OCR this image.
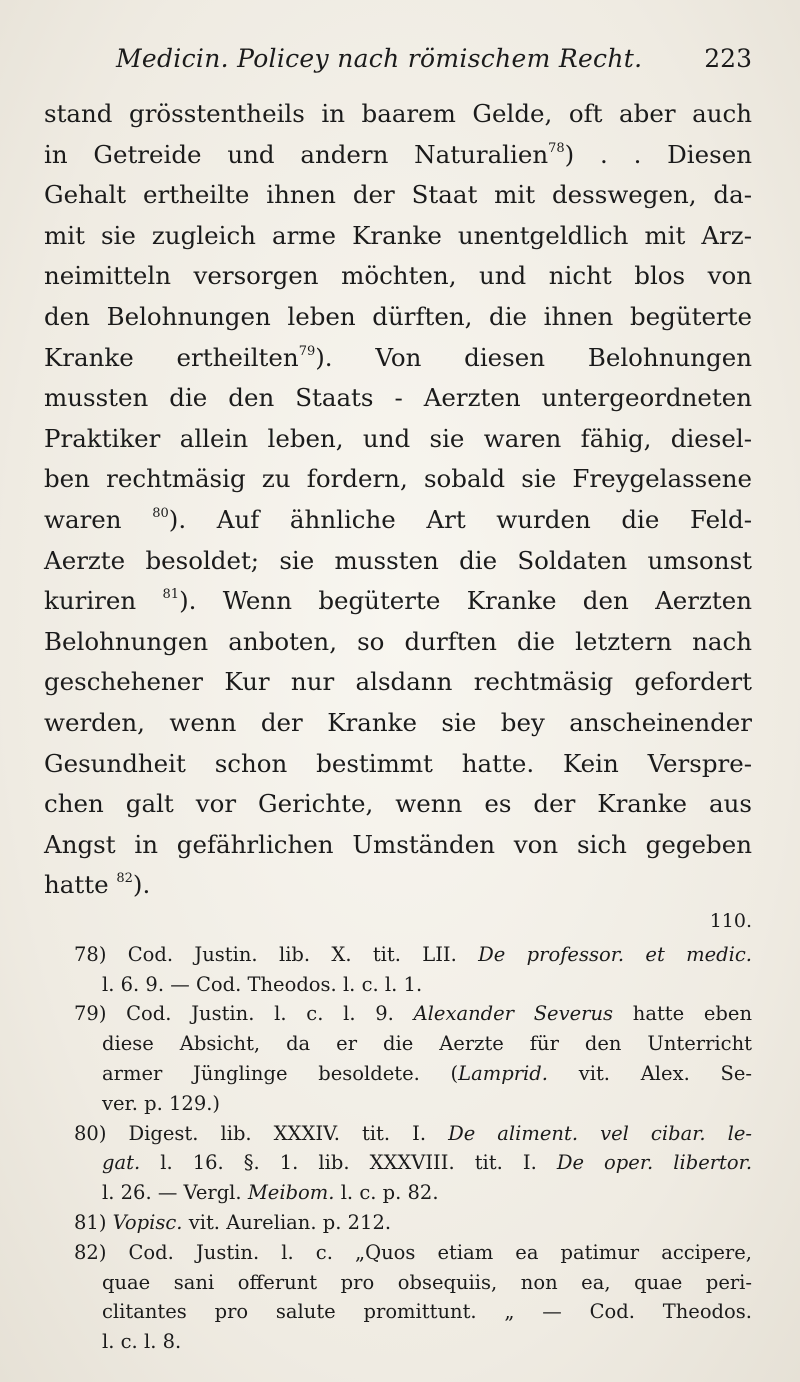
Medicin. Policey nach römischem Recht. 223
stand grösstentheils in baarem Gelde, oft aber auch
in Getreide und andern Naturalien$^{78}$) . . Diesen
Gehalt ertheilte ihnen der Staat mit desswegen, da-
mit sie zugleich arme Kranke unentgeldlich mit Arz-
neimitteln versorgen möchten, und nicht blos von
den Belohnungen leben dürften, die ihnen begüterte
Kranke ertheilten$^{79}$). Von diesen Belohnungen
mussten die den Staats - Aerzten untergeordneten
Praktiker allein leben, und sie waren fähig, diesel-
ben rechtmäsig zu fordern, sobald sie Freygelassene
waren $^{80}$). Auf ähnliche Art wurden die Feld-
Aerzte besoldet; sie mussten die Soldaten umsonst
kuriren $^{81}$). Wenn begüterte Kranke den Aerzten
Belohnungen anboten, so durften die letztern nach
geschehener Kur nur alsdann rechtmäsig gefordert
werden, wenn der Kranke sie bey anscheinender
Gesundheit schon bestimmt hatte. Kein Verspre-
chen galt vor Gerichte, wenn es der Kranke aus
Angst in gefährlichen Umständen von sich gegeben
hatte $^{82}$).
110.
78) Cod. Justin. lib. X. tit. LII. De professor. et medic.
l. 6. 9. — Cod. Theodos. l. c. l. 1.
79) Cod. Justin. l. c. l. 9. Alexander Severus hatte eben
diese Absicht, da er die Aerzte für den Unterricht
armer Jünglinge besoldete. (Lamprid. vit. Alex. Se-
ver. p. 129.)
80) Digest. lib. XXXIV. tit. I. De aliment. vel cibar. le-
gat. l. 16. §. 1. lib. XXXVIII. tit. I. De oper. libertor.
l. 26. — Vergl. Meibom. l. c. p. 82.
81) Vopisc. vit. Aurelian. p. 212.
82) Cod. Justin. l. c. „Quos etiam ea patimur accipere,
quae sani offerunt pro obsequiis, non ea, quae peri-
clitantes pro salute promittunt. „ — Cod. Theodos.
l. c. l. 8.
